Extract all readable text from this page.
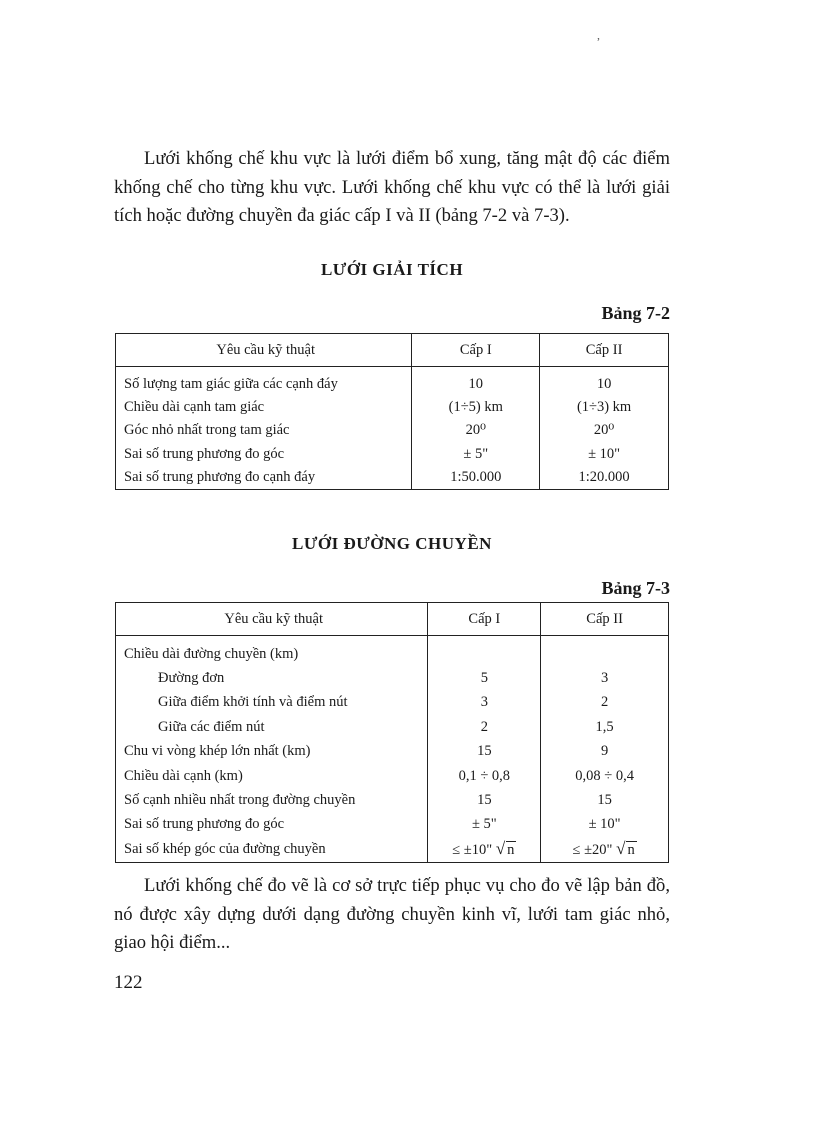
,

Lưới khống chế khu vực là lưới điểm bổ xung, tăng mật độ các điểm khống chế cho từng khu vực. Lưới khống chế khu vực có thể là lưới giải tích hoặc đường chuyền đa giác cấp I và II (bảng 7-2 và 7-3).

LƯỚI GIẢI TÍCH

Bảng 7-2

Yêu cầu kỹ thuật	Cấp I	Cấp II
Số lượng tam giác giữa các cạnh đáy	10	10
Chiều dài cạnh tam giác	(1÷5) km	(1÷3) km
Góc nhỏ nhất trong tam giác	20⁰	20⁰
Sai số trung phương đo góc	± 5"	± 10"
Sai số trung phương đo cạnh đáy	1:50.000	1:20.000
LƯỚI ĐƯỜNG CHUYỀN

Bảng 7-3

Yêu cầu kỹ thuật	Cấp I	Cấp II
Chiều dài đường chuyền (km)		
Đường đơn	5	3
Giữa điểm khởi tính và điểm nút	3	2
Giữa các điểm nút	2	1,5
Chu vi vòng khép lớn nhất (km)	15	9
Chiều dài cạnh (km)	0,1 ÷ 0,8	0,08 ÷ 0,4
Số cạnh nhiều nhất trong đường chuyền	15	15
Sai số trung phương đo góc	± 5"	± 10"
Sai số khép góc của đường chuyền	≤ ±10" √ n	≤ ±20" √ n

Lưới khống chế đo vẽ là cơ sở trực tiếp phục vụ cho đo vẽ lập bản đồ, nó được xây dựng dưới dạng đường chuyền kinh vĩ, lưới tam giác nhỏ, giao hội điểm...

122
